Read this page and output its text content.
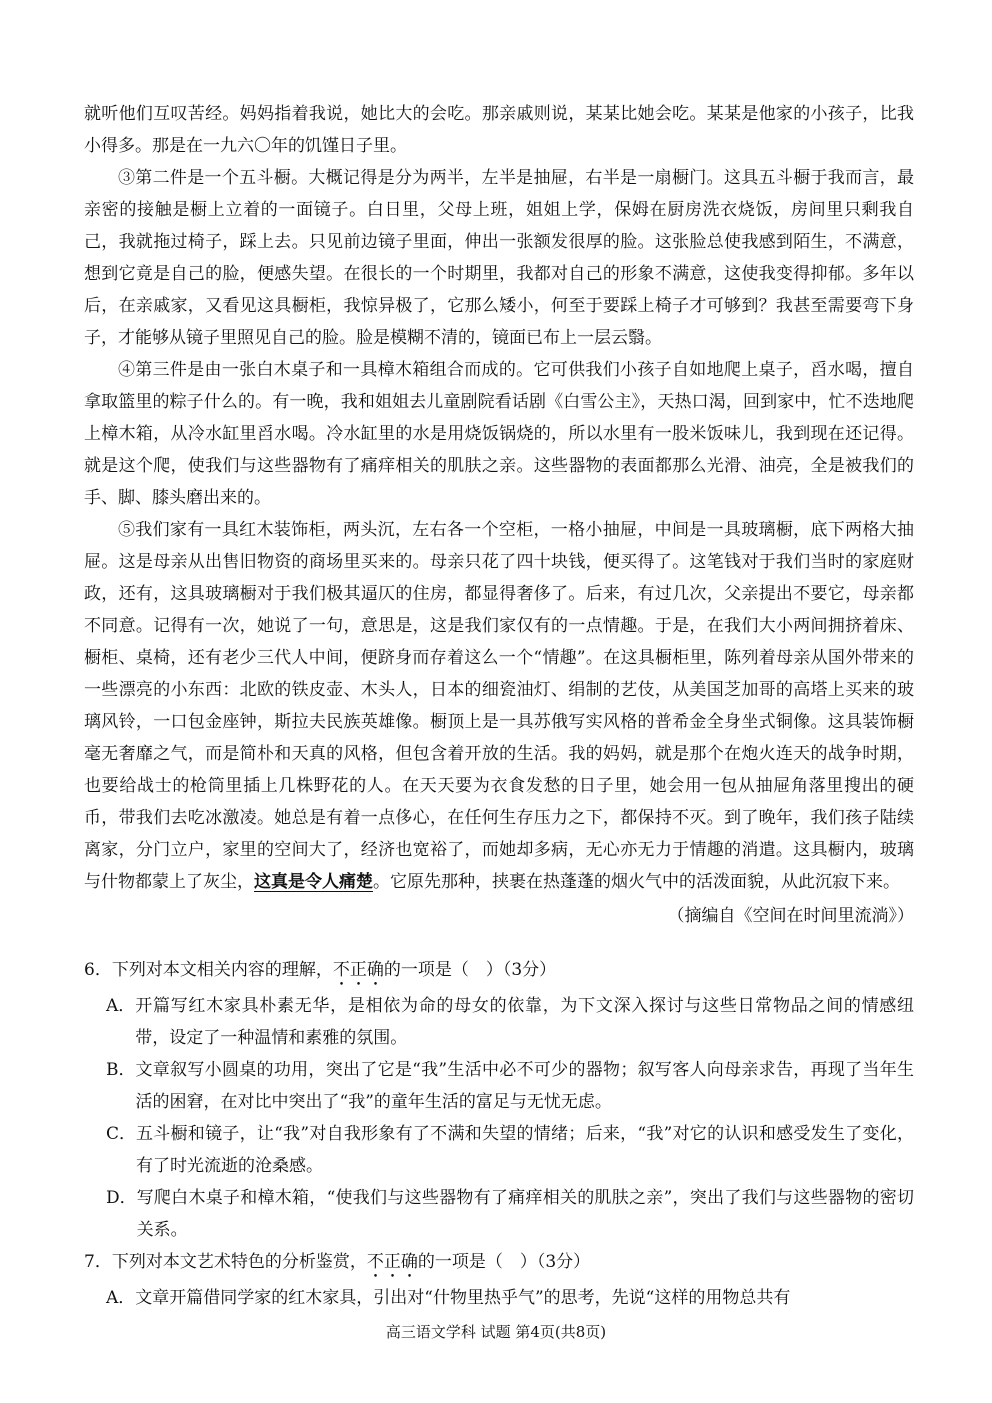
就听他们互叹苦经。妈妈指着我说，她比大的会吃。那亲戚则说，某某比她会吃。某某是他家的小孩子，比我小得多。那是在一九六〇年的饥馑日子里。

③第二件是一个五斗橱。大概记得是分为两半，左半是抽屉，右半是一扇橱门。这具五斗橱于我而言，最亲密的接触是橱上立着的一面镜子。白日里，父母上班，姐姐上学，保姆在厨房洗衣烧饭，房间里只剩我自己，我就拖过椅子，踩上去。只见前边镜子里面，伸出一张额发很厚的脸。这张脸总使我感到陌生，不满意，想到它竟是自己的脸，便感失望。在很长的一个时期里，我都对自己的形象不满意，这使我变得抑郁。多年以后，在亲戚家，又看见这具橱柜，我惊异极了，它那么矮小，何至于要踩上椅子才可够到？我甚至需要弯下身子，才能够从镜子里照见自己的脸。脸是模糊不清的，镜面已布上一层云翳。

④第三件是由一张白木桌子和一具樟木箱组合而成的。它可供我们小孩子自如地爬上桌子，舀水喝，擅自拿取篮里的粽子什么的。有一晚，我和姐姐去儿童剧院看话剧《白雪公主》，天热口渴，回到家中，忙不迭地爬上樟木箱，从冷水缸里舀水喝。冷水缸里的水是用烧饭锅烧的，所以水里有一股米饭味儿，我到现在还记得。就是这个爬，使我们与这些器物有了痛痒相关的肌肤之亲。这些器物的表面都那么光滑、油亮，全是被我们的手、脚、膝头磨出来的。

⑤我们家有一具红木装饰柜，两头沉，左右各一个空柜，一格小抽屉，中间是一具玻璃橱，底下两格大抽屉。这是母亲从出售旧物资的商场里买来的。母亲只花了四十块钱，便买得了。这笔钱对于我们当时的家庭财政，还有，这具玻璃橱对于我们极其逼仄的住房，都显得奢侈了。后来，有过几次，父亲提出不要它，母亲都不同意。记得有一次，她说了一句，意思是，这是我们家仅有的一点情趣。于是，在我们大小两间拥挤着床、橱柜、桌椅，还有老少三代人中间，便跻身而存着这么一个“情趣”。在这具橱柜里，陈列着母亲从国外带来的一些漂亮的小东西：北欧的铁皮壶、木头人，日本的细瓷油灯、绢制的艺伎，从美国芝加哥的高塔上买来的玻璃风铃，一口包金座钟，斯拉夫民族英雄像。橱顶上是一具苏俄写实风格的普希金全身坐式铜像。这具装饰橱毫无奢靡之气，而是简朴和天真的风格，但包含着开放的生活。我的妈妈，就是那个在炮火连天的战争时期，也要给战士的枪筒里插上几株野花的人。在天天要为衣食发愁的日子里，她会用一包从抽屉角落里搜出的硬币，带我们去吃冰激凌。她总是有着一点侈心，在任何生存压力之下，都保持不灭。到了晚年，我们孩子陆续离家，分门立户，家里的空间大了，经济也宽裕了，而她却多病，无心亦无力于情趣的消遣。这具橱内，玻璃与什物都蒙上了灰尘，这真是令人痛楚。它原先那种，挟裹在热蓬蓬的烟火气中的活泼面貌，从此沉寂下来。

（摘编自《空间在时间里流淌》）

6．下列对本文相关内容的理解，不正确的一项是（　）（3分）

A． 开篇写红木家具朴素无华，是相依为命的母女的依靠，为下文深入探讨与这些日常物品之间的情感纽带，设定了一种温情和素雅的氛围。
B． 文章叙写小圆桌的功用，突出了它是“我”生活中必不可少的器物；叙写客人向母亲求告，再现了当年生活的困窘，在对比中突出了“我”的童年生活的富足与无忧无虑。
C． 五斗橱和镜子，让“我”对自我形象有了不满和失望的情绪；后来，“我”对它的认识和感受发生了变化，有了时光流逝的沧桑感。
D． 写爬白木桌子和樟木箱，“使我们与这些器物有了痛痒相关的肌肤之亲”，突出了我们与这些器物的密切关系。

7．下列对本文艺术特色的分析鉴赏，不正确的一项是（　）（3分）

A． 文章开篇借同学家的红木家具，引出对“什物里热乎气”的思考，先说“这样的用物总共有
高三语文学科 试题 第4页(共8页)
